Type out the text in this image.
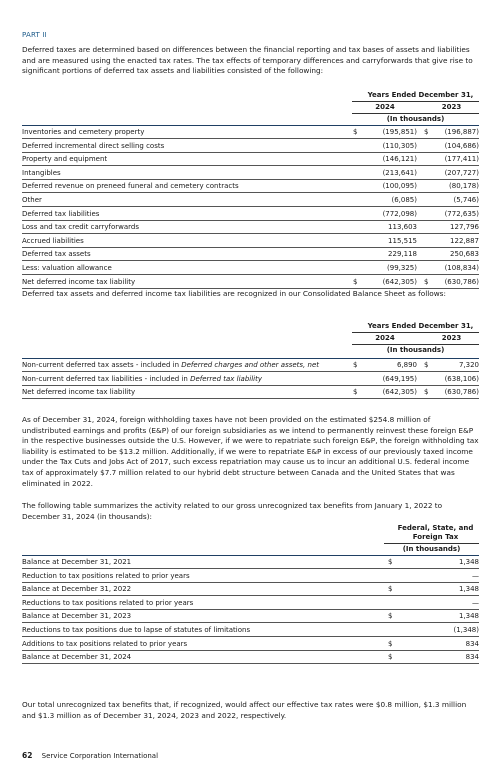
PART II

Deferred taxes are determined based on differences between the financial reporting and tax bases of assets and liabilities and are measured using the enacted tax rates. The tax effects of temporary differences and carryforwards that give rise to significant portions of deferred tax assets and liabilities consisted of the following:

Years Ended December 31,
2024	2023
(In thousands)
Inventories and cemetery property	$	(195,851) $ (196,887)
Deferred incremental direct selling costs	(110,305)	(104,686)
Property and equipment	(146,121)	(177,411)
Intangibles	(213,641)	(207,727)
Deferred revenue on preneed funeral and cemetery contracts	(100,095)	(80,178)
Other	(6,085)	(5,746)
Deferred tax liabilities	(772,098)	(772,635)
Loss and tax credit carryforwards	113,603	127,796
Accrued liabilities	115,515	122,887
Deferred tax assets	229,118	250,683
Less: valuation allowance	(99,325)	(108,834)
Net deferred income tax liability	$	(642,305) $ (630,786)

Deferred tax assets and deferred income tax liabilities are recognized in our Consolidated Balance Sheet as follows:

Years Ended December 31,
2024	2023
(In thousands)
Non-current deferred tax assets - included in Deferred charges and other assets, net	$	6,890 $	7,320
Non-current deferred tax liabilities - included in Deferred tax liability	(649,195)	(638,106)
Net deferred income tax liability	$	(642,305) $ (630,786)

As of December 31, 2024, foreign withholding taxes have not been provided on the estimated $254.8 million of undistributed earnings and profits (E&P) of our foreign subsidiaries as we intend to permanently reinvest these foreign E&P in the respective businesses outside the U.S. However, if we were to repatriate such foreign E&P, the foreign withholding tax liability is estimated to be $13.2 million. Additionally, if we were to repatriate E&P in excess of our previously taxed income under the Tax Cuts and Jobs Act of 2017, such excess repatriation may cause us to incur an additional U.S. federal income tax of approximately $7.7 million related to our hybrid debt structure between Canada and the United States that was eliminated in 2022.

The following table summarizes the activity related to our gross unrecognized tax benefits from January 1, 2022 to December 31, 2024 (in thousands):

Federal, State, and
Foreign Tax
(In thousands)
Balance at December 31, 2021	$	1,348
Reduction to tax positions related to prior years	—
Balance at December 31, 2022	$	1,348
Reductions to tax positions related to prior years	—
Balance at December 31, 2023	$	1,348
Reductions to tax positions due to lapse of statutes of limitations	(1,348)
Additions to tax positions related to prior years	$	834
Balance at December 31, 2024	$	834

Our total unrecognized tax benefits that, if recognized, would affect our effective tax rates were $0.8 million, $1.3 million and $1.3 million as of December 31, 2024, 2023 and 2022, respectively.

62 Service Corporation International
